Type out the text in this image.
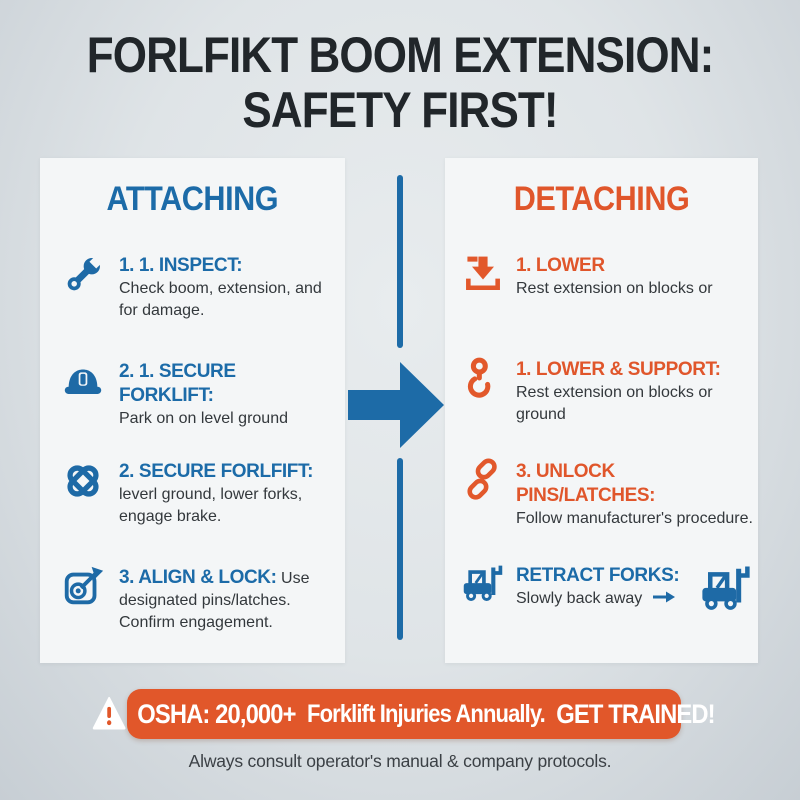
FORLFIKT BOOM EXTENSION:
SAFETY FIRST!
ATTACHING
1. 1. INSPECT:
Check boom, extension, and for damage.
2. 1. SECURE FORKLIFT:
Park on on level ground
2. SECURE FORLFIFT:
leverl ground, lower forks, engage brake.
3. ALIGN & LOCK: Use designated pins/latches. Confirm engagement.
DETACHING
1. LOWER
Rest extension on blocks or
1. LOWER & SUPPORT:
Rest extension on blocks or ground
3. UNLOCK PINS/LATCHES:
Follow manufacturer's procedure.
RETRACT FORKS:
Slowly back away
OSHA: 20,000+ Forklift Injuries Annually. GET TRAINED!
Always consult operator's manual & company protocols.
